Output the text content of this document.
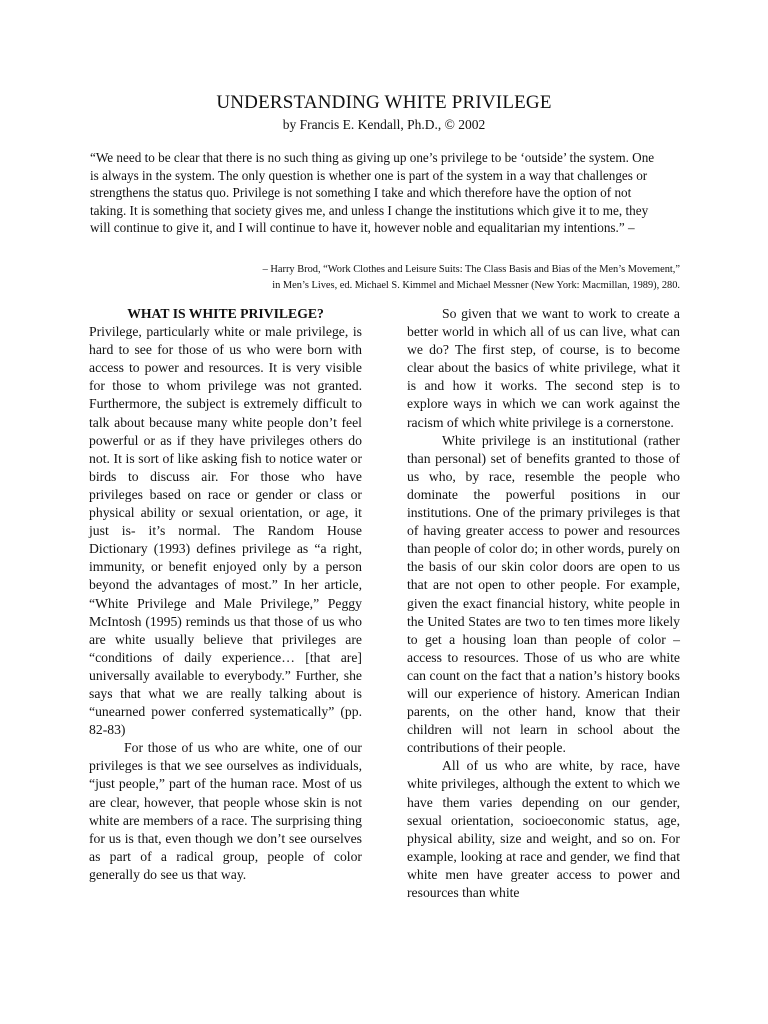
UNDERSTANDING WHITE PRIVILEGE

by Francis E. Kendall, Ph.D., © 2002

“We need to be clear that there is no such thing as giving up one’s privilege to be ‘outside’ the system. One is always in the system. The only question is whether one is part of the system in a way that challenges or strengthens the status quo. Privilege is not something I take and which therefore have the option of not taking. It is something that society gives me, and unless I change the institutions which give it to me, they will continue to give it, and I will continue to have it, however noble and equalitarian my intentions.” –

– Harry Brod, “Work Clothes and Leisure Suits: The Class Basis and Bias of the Men’s Movement,”
in Men’s Lives, ed. Michael S. Kimmel and Michael Messner (New York: Macmillan, 1989), 280.
WHAT IS WHITE PRIVILEGE?

Privilege, particularly white or male privilege, is hard to see for those of us who were born with access to power and resources. It is very visible for those to whom privilege was not granted. Furthermore, the subject is extremely difficult to talk about because many white people don’t feel powerful or as if they have privileges others do not. It is sort of like asking fish to notice water or birds to discuss air. For those who have privileges based on race or gender or class or physical ability or sexual orientation, or age, it just is- it’s normal. The Random House Dictionary (1993) defines privilege as “a right, immunity, or benefit enjoyed only by a person beyond the advantages of most.” In her article, “White Privilege and Male Privilege,” Peggy McIntosh (1995) reminds us that those of us who are white usually believe that privileges are “conditions of daily experience… [that are] universally available to everybody.” Further, she says that what we are really talking about is “unearned power conferred systematically” (pp. 82-83)

For those of us who are white, one of our privileges is that we see ourselves as individuals, “just people,” part of the human race. Most of us are clear, however, that people whose skin is not white are members of a race. The surprising thing for us is that, even though we don’t see ourselves as part of a radical group, people of color generally do see us that way.

So given that we want to work to create a better world in which all of us can live, what can we do? The first step, of course, is to become clear about the basics of white privilege, what it is and how it works. The second step is to explore ways in which we can work against the racism of which white privilege is a cornerstone.

White privilege is an institutional (rather than personal) set of benefits granted to those of us who, by race, resemble the people who dominate the powerful positions in our institutions. One of the primary privileges is that of having greater access to power and resources than people of color do; in other words, purely on the basis of our skin color doors are open to us that are not open to other people. For example, given the exact financial history, white people in the United States are two to ten times more likely to get a housing loan than people of color – access to resources. Those of us who are white can count on the fact that a nation’s history books will our experience of history. American Indian parents, on the other hand, know that their children will not learn in school about the contributions of their people.

All of us who are white, by race, have white privileges, although the extent to which we have them varies depending on our gender, sexual orientation, socioeconomic status, age, physical ability, size and weight, and so on. For example, looking at race and gender, we find that white men have greater access to power and resources than white
